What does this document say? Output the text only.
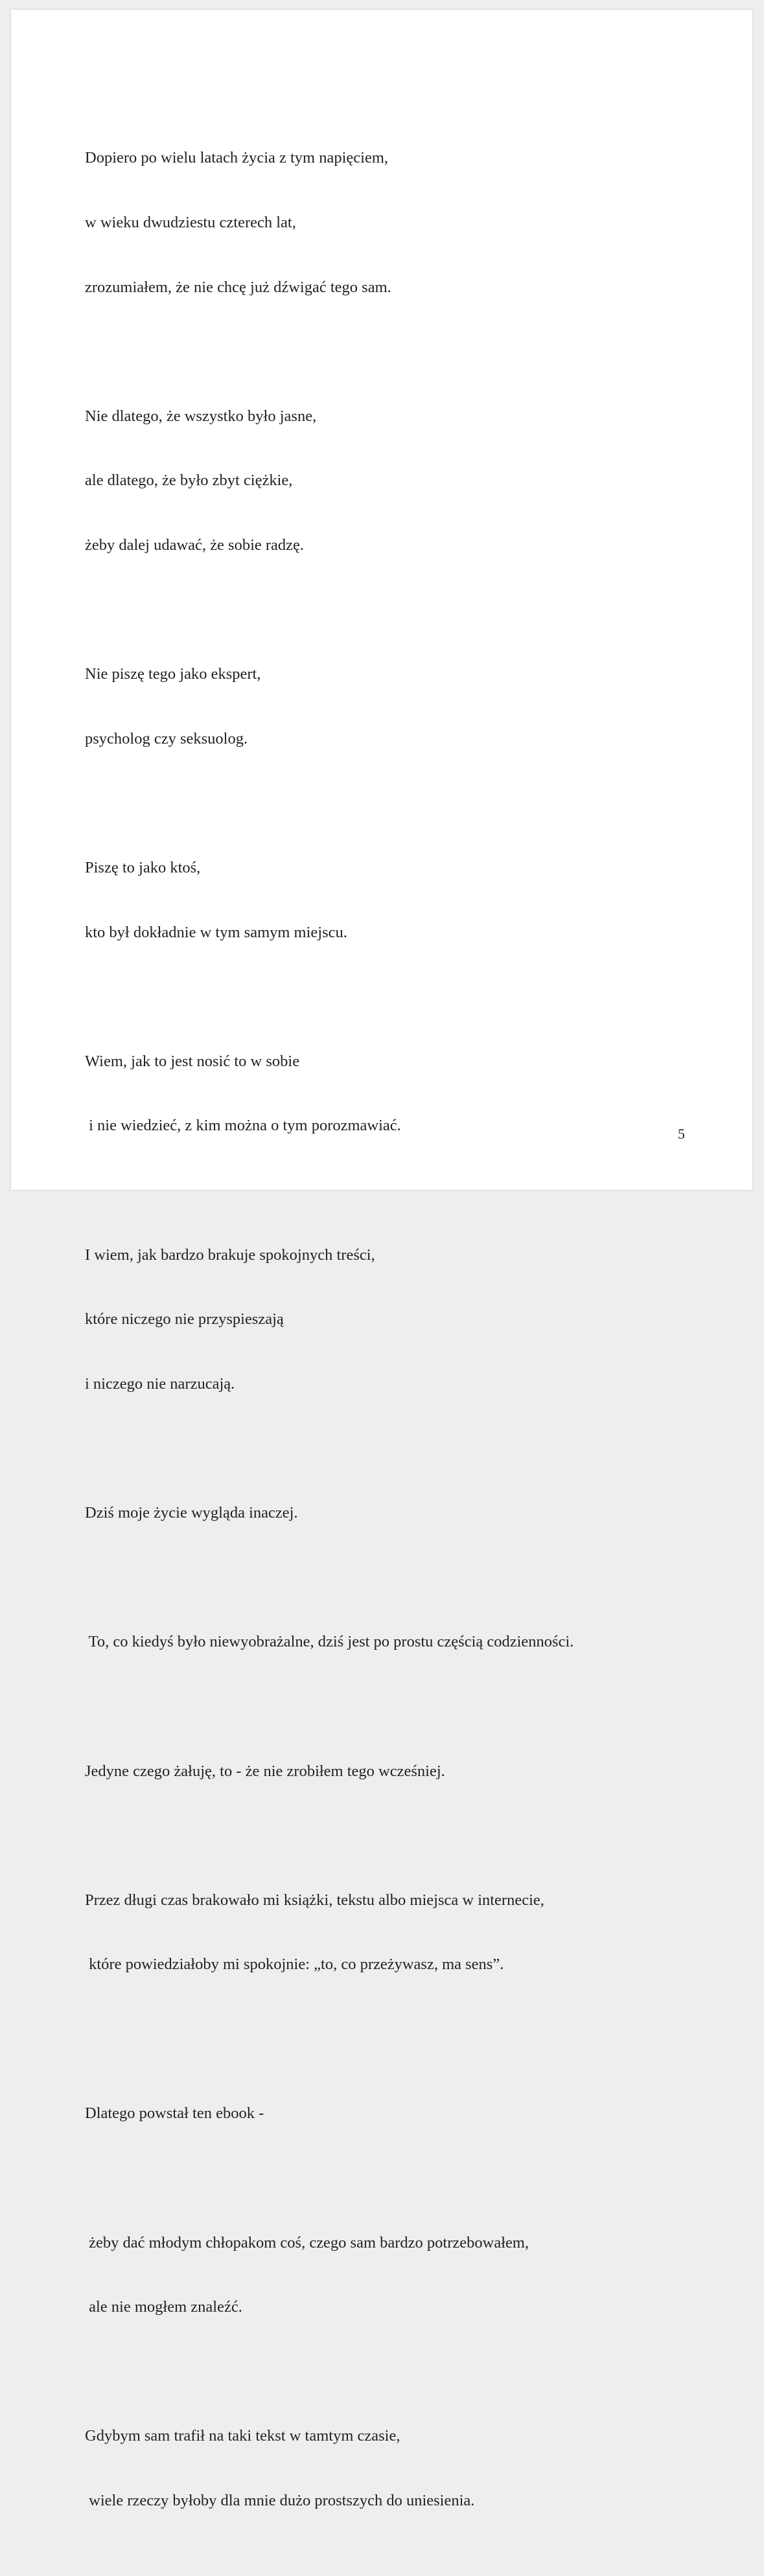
Dopiero po wielu latach życia z tym napięciem,

w wieku dwudziestu czterech lat,

zrozumiałem, że nie chcę już dźwigać tego sam.

Nie dlatego, że wszystko było jasne,

ale dlatego, że było zbyt ciężkie,

żeby dalej udawać, że sobie radzę.

Nie piszę tego jako ekspert,

psycholog czy seksuolog.

Piszę to jako ktoś,

kto był dokładnie w tym samym miejscu.

Wiem, jak to jest nosić to w sobie

i nie wiedzieć, z kim można o tym porozmawiać.

I wiem, jak bardzo brakuje spokojnych treści,

które niczego nie przyspieszają

i niczego nie narzucają.

Dziś moje życie wygląda inaczej.

To, co kiedyś było niewyobrażalne, dziś jest po prostu częścią codzienności.

Jedyne czego żałuję, to - że nie zrobiłem tego wcześniej.

Przez długi czas brakowało mi książki, tekstu albo miejsca w internecie,

które powiedziałoby mi spokojnie: „to, co przeżywasz, ma sens”.

Dlatego powstał ten ebook -

żeby dać młodym chłopakom coś, czego sam bardzo potrzebowałem,

ale nie mogłem znaleźć.

Gdybym sam trafił na taki tekst w tamtym czasie,

wiele rzeczy byłoby dla mnie dużo prostszych do uniesienia.

5
